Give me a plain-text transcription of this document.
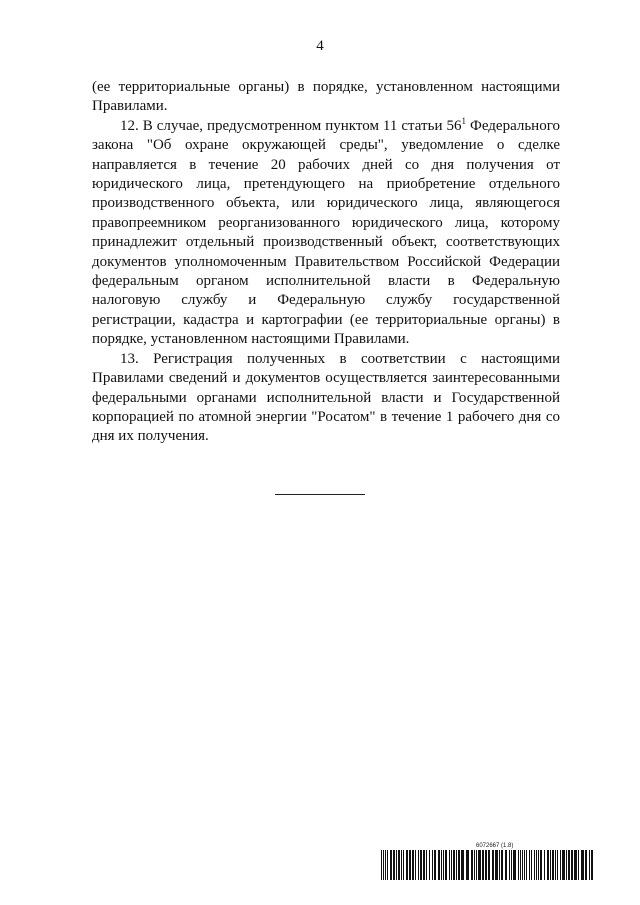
4

(ее территориальные органы) в порядке, установленном настоящими Правилами.

12. В случае, предусмотренном пунктом 11 статьи $56^1$ Федерального закона "Об охране окружающей среды", уведомление о сделке направляется в течение 20 рабочих дней со дня получения от юридического лица, претендующего на приобретение отдельного производственного объекта, или юридического лица, являющегося правопреемником реорганизованного юридического лица, которому принадлежит отдельный производственный объект, соответствующих документов уполномоченным Правительством Российской Федерации федеральным органом исполнительной власти в Федеральную налоговую службу и Федеральную службу государственной регистрации, кадастра и картографии (ее территориальные органы) в порядке, установленном настоящими Правилами.

13. Регистрация полученных в соответствии с настоящими Правилами сведений и документов осуществляется заинтересованными федеральными органами исполнительной власти и Государственной корпорацией по атомной энергии "Росатом" в течение 1 рабочего дня со дня их получения.

6072667 (1.8)
